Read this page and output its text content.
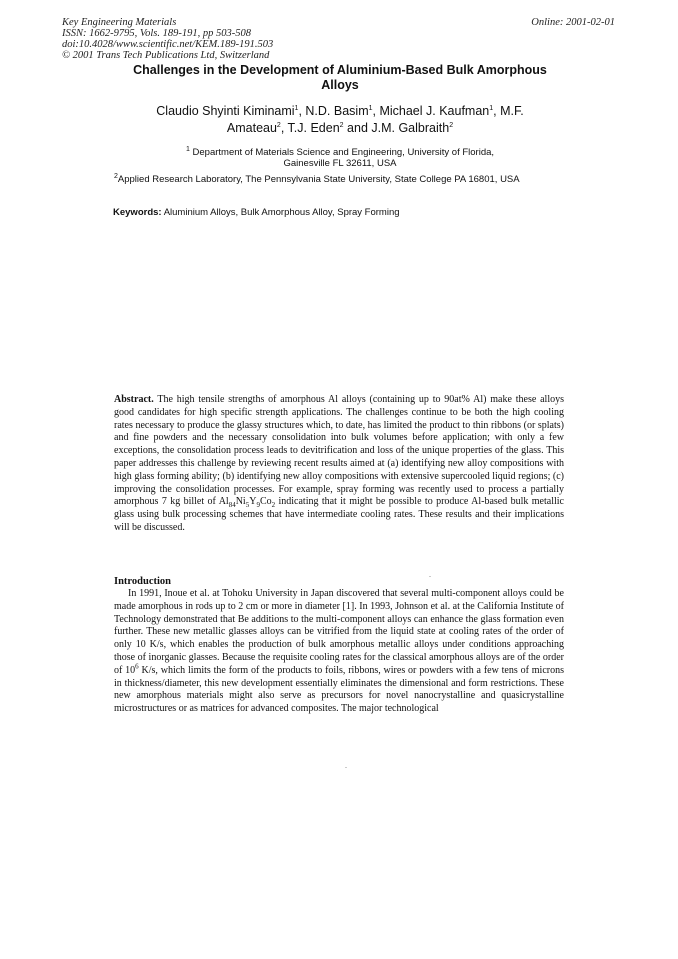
Key Engineering Materials
ISSN: 1662-9795, Vols. 189-191, pp 503-508
doi:10.4028/www.scientific.net/KEM.189-191.503
© 2001 Trans Tech Publications Ltd, Switzerland
Online: 2001-02-01
Challenges in the Development of Aluminium-Based Bulk Amorphous
Alloys
Claudio Shyinti Kiminami$^1$, N.D. Basim$^1$, Michael J. Kaufman$^1$, M.F.
Amateau$^2$, T.J. Eden$^2$ and J.M. Galbraith$^2$
$^1$ Department of Materials Science and Engineering, University of Florida,
Gainesville FL 32611, USA
$^2$Applied Research Laboratory, The Pennsylvania State University, State College PA 16801, USA
Keywords: Aluminium Alloys, Bulk Amorphous Alloy, Spray Forming
Abstract. The high tensile strengths of amorphous Al alloys (containing up to 90at% Al) make these alloys good candidates for high specific strength applications. The challenges continue to be both the high cooling rates necessary to produce the glassy structures which, to date, has limited the product to thin ribbons (or splats) and fine powders and the necessary consolidation into bulk volumes before application; with only a few exceptions, the consolidation process leads to devitrification and loss of the unique properties of the glass. This paper addresses this challenge by reviewing recent results aimed at (a) identifying new alloy compositions with high glass forming ability; (b) identifying new alloy compositions with extensive supercooled liquid regions; (c) improving the consolidation processes. For example, spray forming was recently used to process a partially amorphous 7 kg billet of $Al_{84}Ni_5Y_9Co_2$ indicating that it might be possible to produce Al-based bulk metallic glass using bulk processing schemes that have intermediate cooling rates. These results and their implications will be discussed.
Introduction
In 1991, Inoue et al. at Tohoku University in Japan discovered that several multi-component alloys could be made amorphous in rods up to 2 cm or more in diameter [1]. In 1993, Johnson et al. at the California Institute of Technology demonstrated that Be additions to the multi-component alloys can enhance the glass formation even further. These new metallic glasses alloys can be vitrified from the liquid state at cooling rates of the order of only 10 K/s, which enables the production of bulk amorphous metallic alloys under conditions approaching those of inorganic glasses. Because the requisite cooling rates for the classical amorphous alloys are of the order of $10^6$ K/s, which limits the form of the products to foils, ribbons, wires or powders with a few tens of microns in thickness/diameter, this new development essentially eliminates the dimensional and form restrictions. These new amorphous materials might also serve as precursors for novel nanocrystalline and quasicrystalline microstructures or as matrices for advanced composites. The major technological
.
.
